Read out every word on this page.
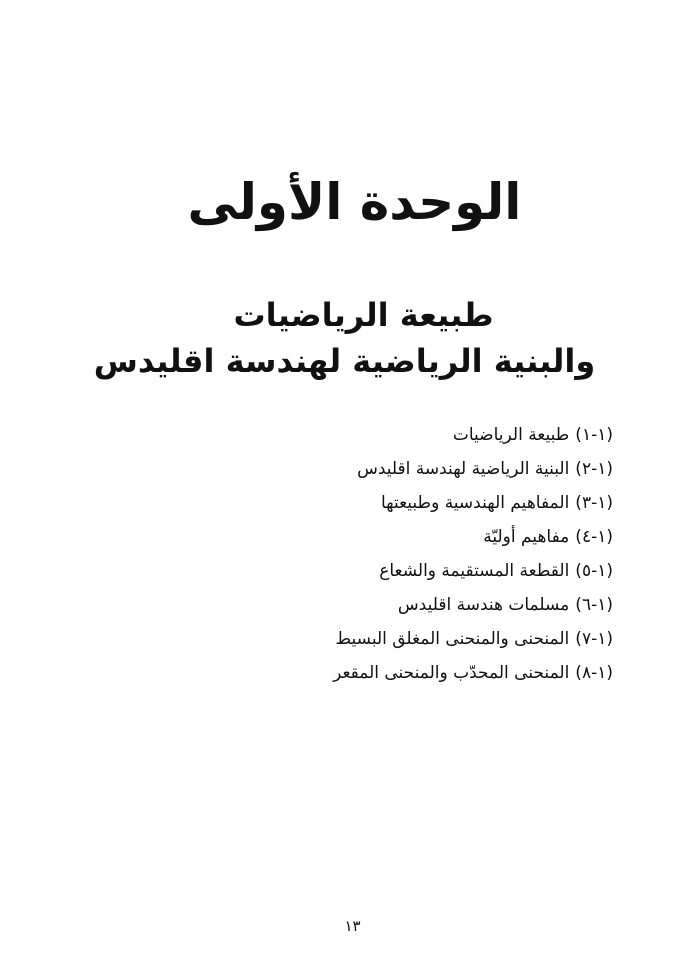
الوحدة الأولى
طبيعة الرياضيات
والبنية الرياضية لهندسة اقليدس
(١-١)طبيعة الرياضيات
(١-٢)البنية الرياضية لهندسة اقليدس
(١-٣)المفاهيم الهندسية وطبيعتها
(١-٤)مفاهيم أوليّة
(١-٥)القطعة المستقيمة والشعاع
(١-٦)مسلمات هندسة اقليدس
(١-٧)المنحنى والمنحنى المغلق البسيط
(١-٨)المنحنى المحدّب والمنحنى المقعر
١٣
